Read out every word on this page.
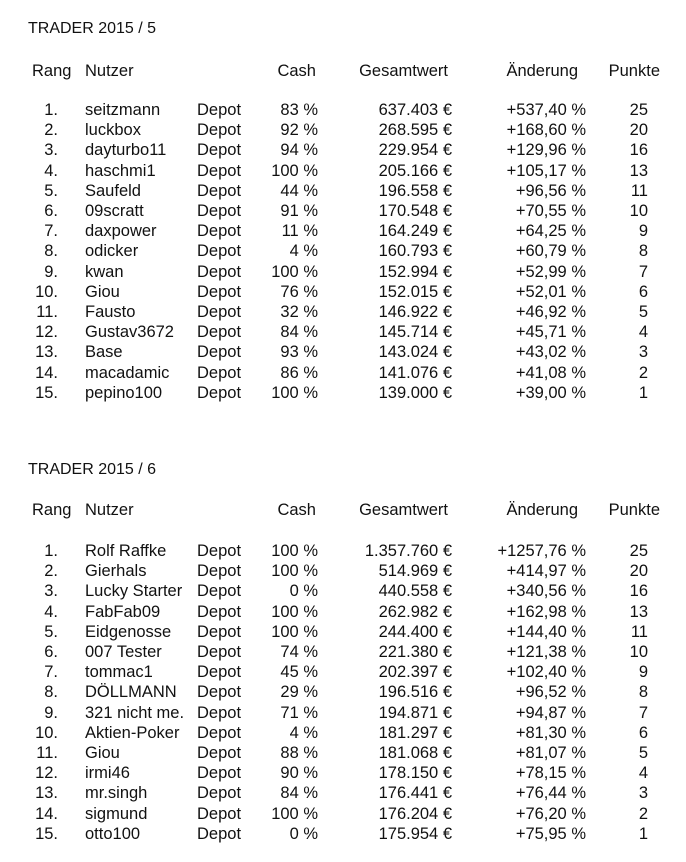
TRADER 2015 / 5
Rang Nutzer	Cash	Gesamtwert	Änderung	Punkte
1. seitzmann	Depot	83 %	637.403 €	+537,40 %	25
2. luckbox	Depot	92 %	268.595 €	+168,60 %	20
3. dayturbo11	Depot	94 %	229.954 €	+129,96 %	16
4. haschmi1	Depot	100 %	205.166 €	+105,17 %	13
5. Saufeld	Depot	44 %	196.558 €	+96,56 %	11
6. 09scratt	Depot	91 %	170.548 €	+70,55 %	10
7. daxpower	Depot	11 %	164.249 €	+64,25 %	9
8. odicker	Depot	4 %	160.793 €	+60,79 %	8
9. kwan	Depot	100 %	152.994 €	+52,99 %	7
10. Giou	Depot	76 %	152.015 €	+52,01 %	6
11. Fausto	Depot	32 %	146.922 €	+46,92 %	5
12. Gustav3672	Depot	84 %	145.714 €	+45,71 %	4
13. Base	Depot	93 %	143.024 €	+43,02 %	3
14. macadamic	Depot	86 %	141.076 €	+41,08 %	2
15. pepino100	Depot	100 %	139.000 €	+39,00 %	1
TRADER 2015 / 6
Rang Nutzer	Cash	Gesamtwert	Änderung	Punkte
1. Rolf Raffke	Depot	100 %	1.357.760 €	+1257,76 %	25
2. Gierhals	Depot	100 %	514.969 €	+414,97 %	20
3. Lucky Starter Depot	0 %	440.558 €	+340,56 %	16
4. FabFab09	Depot	100 %	262.982 €	+162,98 %	13
5. Eidgenosse	Depot	100 %	244.400 €	+144,40 %	11
6. 007 Tester	Depot	74 %	221.380 €	+121,38 %	10
7. tommac1	Depot	45 %	202.397 €	+102,40 %	9
8. DÖLLMANN	Depot	29 %	196.516 €	+96,52 %	8
9. 321 nicht me. Depot	71 %	194.871 €	+94,87 %	7
10. Aktien-Poker	Depot	4 %	181.297 €	+81,30 %	6
11. Giou	Depot	88 %	181.068 €	+81,07 %	5
12. irmi46	Depot	90 %	178.150 €	+78,15 %	4
13. mr.singh	Depot	84 %	176.441 €	+76,44 %	3
14. sigmund	Depot	100 %	176.204 €	+76,20 %	2
15. otto100	Depot	0 %	175.954 €	+75,95 %	1
